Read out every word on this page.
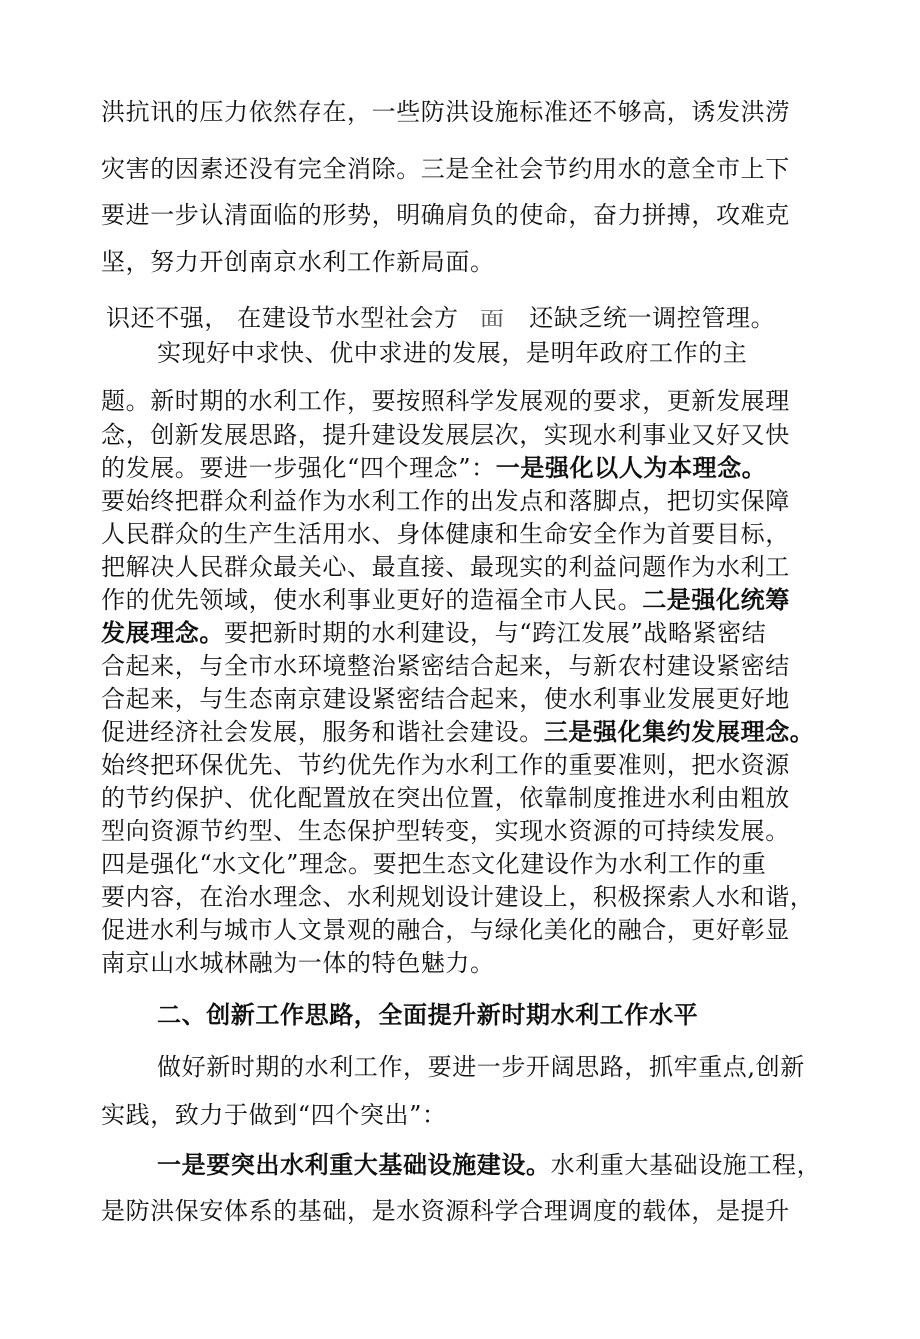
洪抗讯的压力依然存在，一些防洪设施标准还不够高，诱发洪涝
灾害的因素还没有完全消除。三是全社会节约用水的意全市上下
要进一步认清面临的形势，明确肩负的使命，奋力拼搏，攻难克
坚，努力开创南京水利工作新局面。
识还不强， 在建设节水型社会方 面 还缺乏统一调控管理。
实现好中求快、优中求进的发展，是明年政府工作的主
题。新时期的水利工作，要按照科学发展观的要求，更新发展理
念，创新发展思路，提升建设发展层次，实现水利事业又好又快
的发展。要进一步强化“四个理念”：一是强化以人为本理念。
要始终把群众利益作为水利工作的出发点和落脚点，把切实保障
人民群众的生产生活用水、身体健康和生命安全作为首要目标，
把解决人民群众最关心、最直接、最现实的利益问题作为水利工
作的优先领域，使水利事业更好的造福全市人民。二是强化统筹
发展理念。要把新时期的水利建设，与“跨江发展”战略紧密结
合起来，与全市水环境整治紧密结合起来，与新农村建设紧密结
合起来，与生态南京建设紧密结合起来，使水利事业发展更好地
促进经济社会发展，服务和谐社会建设。三是强化集约发展理念。
始终把环保优先、节约优先作为水利工作的重要准则，把水资源
的节约保护、优化配置放在突出位置，依靠制度推进水利由粗放
型向资源节约型、生态保护型转变，实现水资源的可持续发展。
四是强化“水文化”理念。要把生态文化建设作为水利工作的重
要内容，在治水理念、水利规划设计建设上，积极探索人水和谐，
促进水利与城市人文景观的融合，与绿化美化的融合，更好彰显
南京山水城林融为一体的特色魅力。
二、创新工作思路，全面提升新时期水利工作水平
做好新时期的水利工作，要进一步开阔思路，抓牢重点,创新
实践，致力于做到“四个突出”：
一是要突出水利重大基础设施建设。水利重大基础设施工程，
是防洪保安体系的基础，是水资源科学合理调度的载体，是提升
